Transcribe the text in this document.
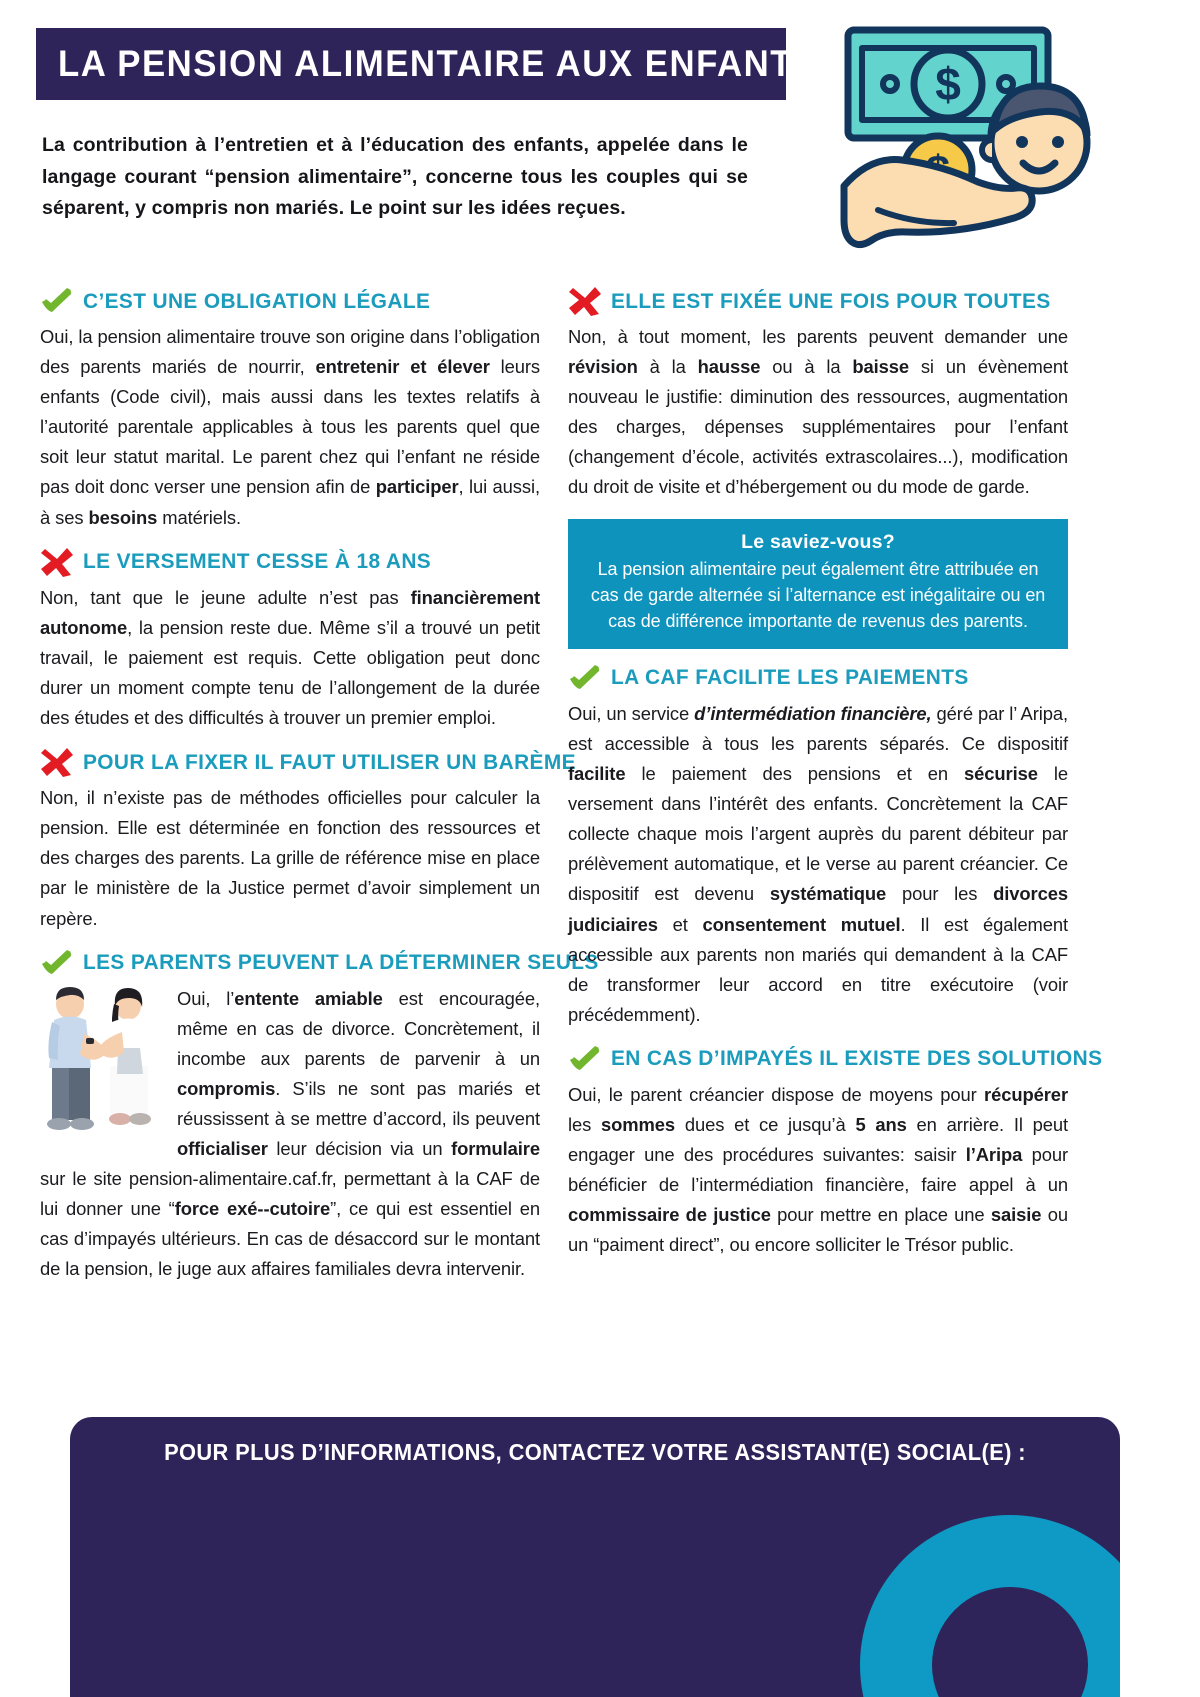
LA PENSION ALIMENTAIRE AUX ENFANTS
La contribution à l’entretien et à l’éducation des enfants, appelée dans le langage courant “pension alimentaire”, concerne tous les couples qui se séparent, y compris non mariés. Le point sur les idées reçues.
$
C’EST UNE OBLIGATION LÉGALE
Oui, la pension alimentaire trouve son origine dans l’obligation des parents mariés de nourrir, entretenir et élever leurs enfants (Code civil), mais aussi dans les textes relatifs à l’autorité parentale applicables à tous les parents quel que soit leur statut marital. Le parent chez qui l’enfant ne réside pas doit donc verser une pension afin de participer, lui aussi, à ses besoins matériels.
LE VERSEMENT CESSE À 18 ANS
Non, tant que le jeune adulte n’est pas financièrement autonome, la pension reste due. Même s’il a trouvé un petit travail, le paiement est requis. Cette obligation peut donc durer un moment compte tenu de l’allongement de la durée des études et des difficultés à trouver un premier emploi.
POUR LA FIXER IL FAUT UTILISER UN BARÈME
Non, il n’existe pas de méthodes officielles pour calculer la pension. Elle est déterminée en fonction des ressources et des charges des parents. La grille de référence mise en place par le ministère de la Justice permet d’avoir simplement un repère.
LES PARENTS PEUVENT LA DÉTERMINER SEULS
Oui, l’entente amiable est encouragée, même en cas de divorce. Concrètement, il incombe aux parents de parvenir à un compromis. S’ils ne sont pas mariés et réussissent à se mettre d’accord, ils peuvent officialiser leur décision via un formulaire sur le site pension-alimentaire.caf.fr, permettant à la CAF de lui donner une “force exé--cutoire”, ce qui est essentiel en cas d’impayés ultérieurs. En cas de désaccord sur le montant de la pension, le juge aux affaires familiales devra intervenir.
ELLE EST FIXÉE UNE FOIS POUR TOUTES
Non, à tout moment, les parents peuvent demander une révision à la hausse ou à la baisse si un évènement nouveau le justifie: diminution des ressources, augmentation des charges, dépenses supplémentaires pour l’enfant (changement d’école, activités extrascolaires...), modification du droit de visite et d’hébergement ou du mode de garde.
Le saviez-vous?
La pension alimentaire peut également être attribuée en cas de garde alternée si l’alternance est inégalitaire ou en cas de différence importante de revenus des parents.
LA CAF FACILITE LES PAIEMENTS
Oui, un service d’intermédiation financière, géré par l’ Aripa, est accessible à tous les parents séparés. Ce dispositif facilite le paiement des pensions et en sécurise le versement dans l’intérêt des enfants. Concrètement la CAF collecte chaque mois l’argent auprès du parent débiteur par prélèvement automatique, et le verse au parent créancier. Ce dispositif est devenu systématique pour les divorces judiciaires et consentement mutuel. Il est également accessible aux parents non mariés qui demandent à la CAF de transformer leur accord en titre exécutoire (voir précédemment).
EN CAS D’IMPAYÉS IL EXISTE DES SOLUTIONS
Oui, le parent créancier dispose de moyens pour récupérer les sommes dues et ce jusqu’à 5 ans en arrière. Il peut engager une des procédures suivantes: saisir l’Aripa pour bénéficier de l’intermédiation financière, faire appel à un commissaire de justice pour mettre en place une saisie ou un “paiment direct”, ou encore solliciter le Trésor public.
POUR PLUS D’INFORMATIONS, CONTACTEZ VOTRE ASSISTANT(E) SOCIAL(E) :
